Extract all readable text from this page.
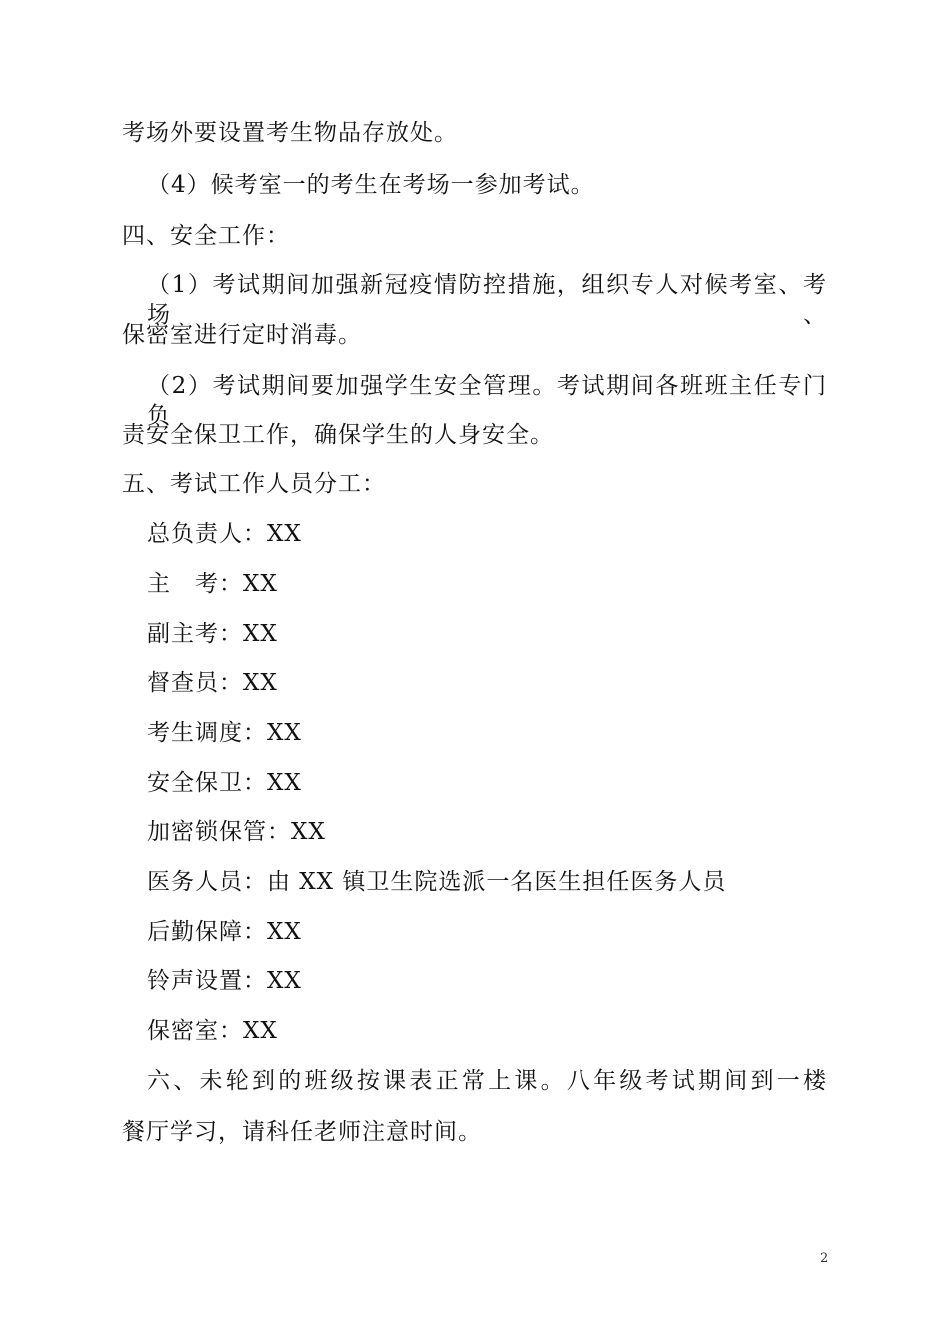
考场外要设置考生物品存放处。
（4）候考室一的考生在考场一参加考试。
四、安全工作：
（1）考试期间加强新冠疫情防控措施，组织专人对候考室、考场、
保密室进行定时消毒。
（2）考试期间要加强学生安全管理。考试期间各班班主任专门负
责安全保卫工作，确保学生的人身安全。
五、考试工作人员分工：
总负责人：XX
主　考：XX
副主考：XX
督查员：XX
考生调度：XX
安全保卫：XX
加密锁保管：XX
医务人员：由 XX 镇卫生院选派一名医生担任医务人员
后勤保障：XX
铃声设置：XX
保密室：XX
六、未轮到的班级按课表正常上课。八年级考试期间到一楼
餐厅学习，请科任老师注意时间。
2
